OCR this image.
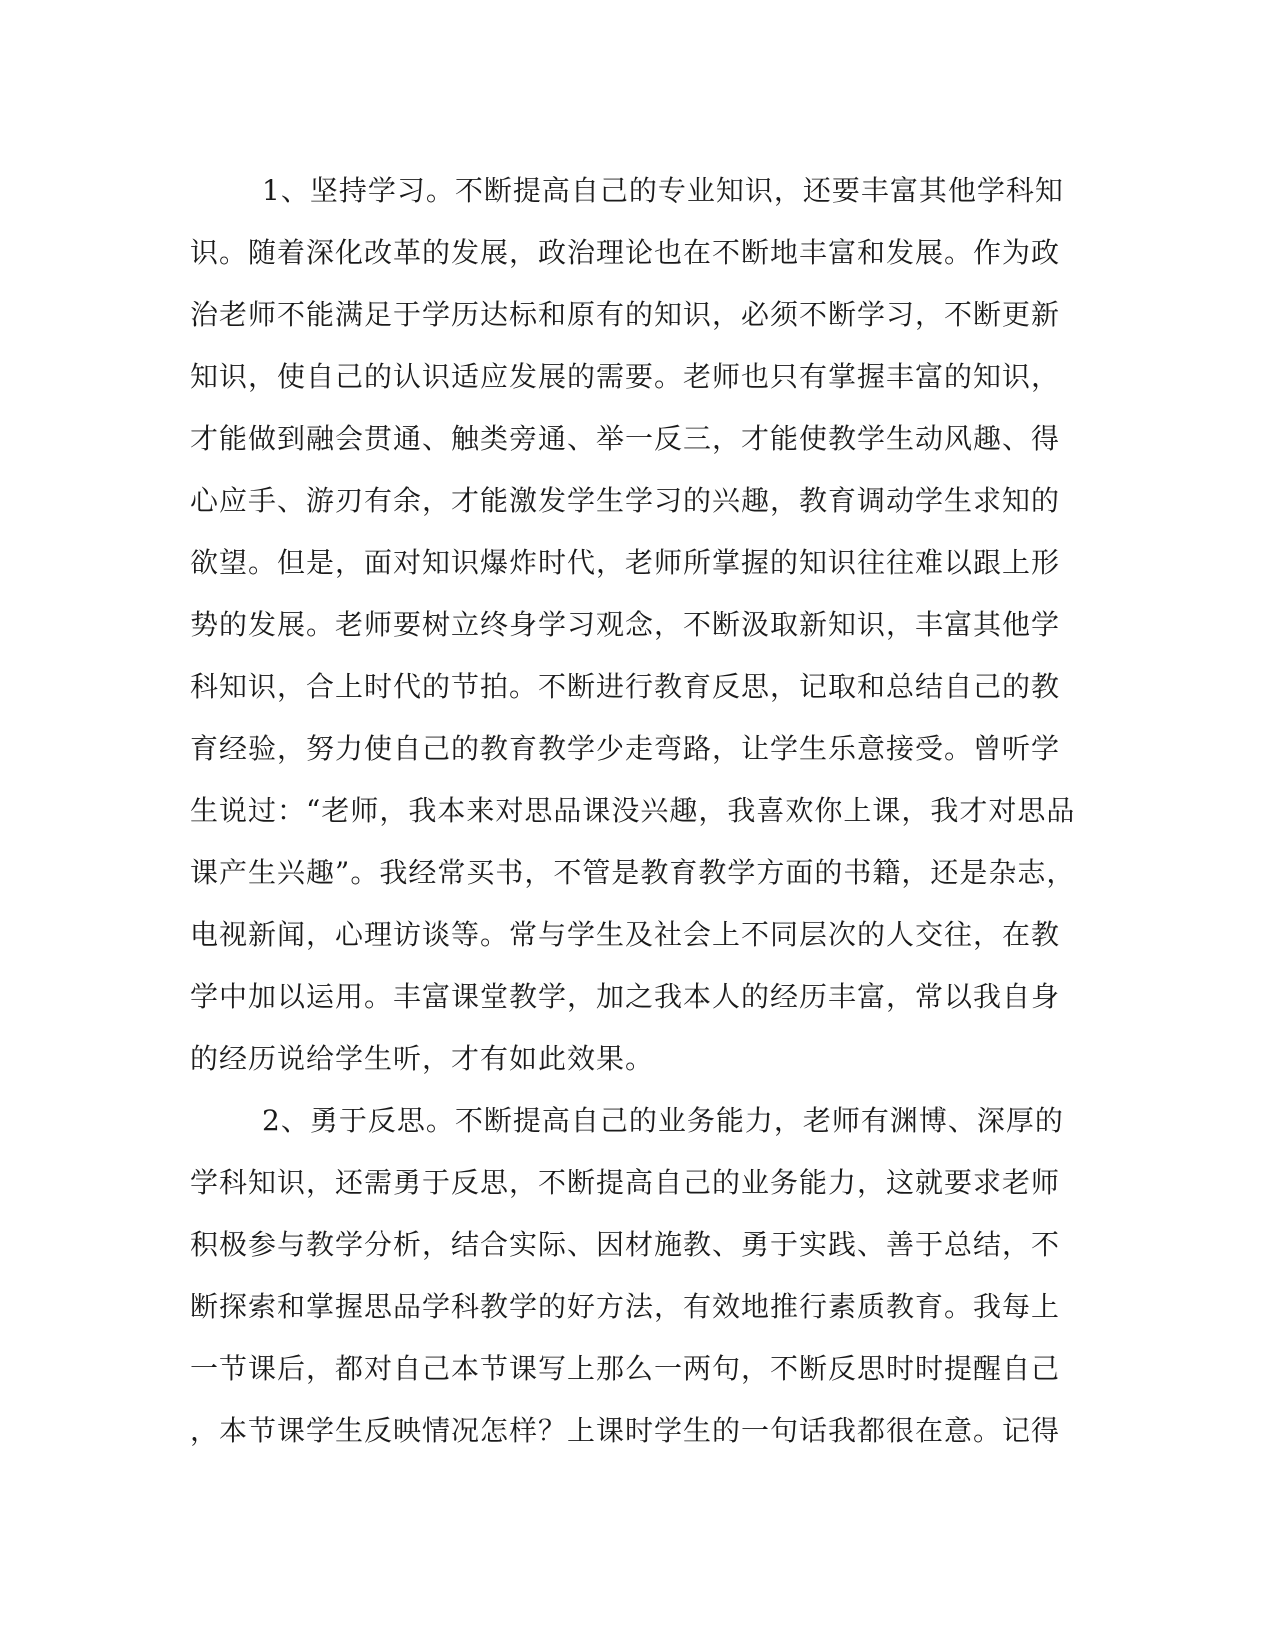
1、坚持学习。不断提高自己的专业知识，还要丰富其他学科知
识。随着深化改革的发展，政治理论也在不断地丰富和发展。作为政
治老师不能满足于学历达标和原有的知识，必须不断学习，不断更新
知识，使自己的认识适应发展的需要。老师也只有掌握丰富的知识，
才能做到融会贯通、触类旁通、举一反三，才能使教学生动风趣、得
心应手、游刃有余，才能激发学生学习的兴趣，教育调动学生求知的
欲望。但是，面对知识爆炸时代，老师所掌握的知识往往难以跟上形
势的发展。老师要树立终身学习观念，不断汲取新知识，丰富其他学
科知识，合上时代的节拍。不断进行教育反思，记取和总结自己的教
育经验，努力使自己的教育教学少走弯路，让学生乐意接受。曾听学
生说过：“老师，我本来对思品课没兴趣，我喜欢你上课，我才对思品
课产生兴趣”。我经常买书，不管是教育教学方面的书籍，还是杂志，
电视新闻，心理访谈等。常与学生及社会上不同层次的人交往，在教
学中加以运用。丰富课堂教学，加之我本人的经历丰富，常以我自身
的经历说给学生听，才有如此效果。
2、勇于反思。不断提高自己的业务能力，老师有渊博、深厚的
学科知识，还需勇于反思，不断提高自己的业务能力，这就要求老师
积极参与教学分析，结合实际、因材施教、勇于实践、善于总结，不
断探索和掌握思品学科教学的好方法，有效地推行素质教育。我每上
一节课后，都对自己本节课写上那么一两句，不断反思时时提醒自己
，本节课学生反映情况怎样？上课时学生的一句话我都很在意。记得
